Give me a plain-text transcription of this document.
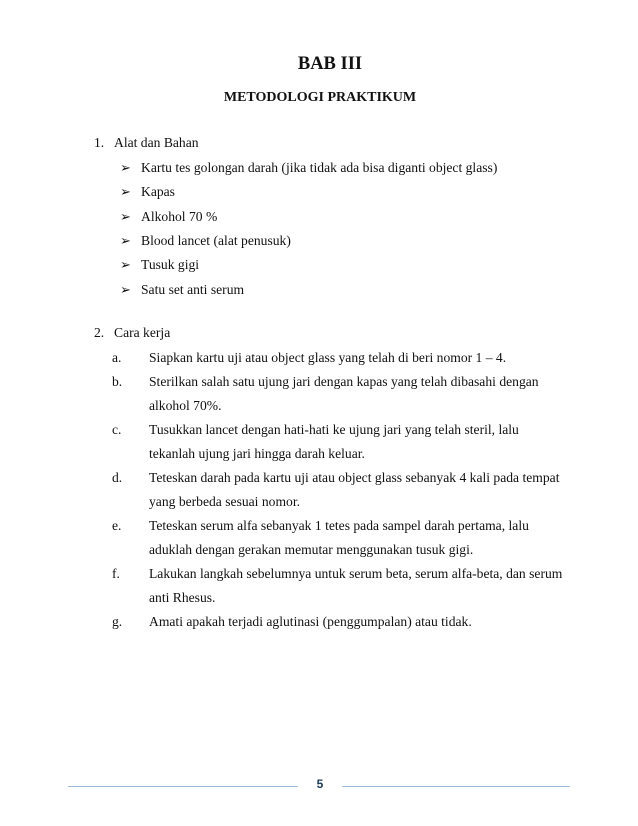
BAB III
METODOLOGI PRAKTIKUM
1. Alat dan Bahan
➢ Kartu tes golongan darah (jika tidak ada bisa diganti object glass)
➢ Kapas
➢ Alkohol 70 %
➢ Blood lancet (alat penusuk)
➢ Tusuk gigi
➢ Satu set anti serum
2. Cara kerja
a. Siapkan kartu uji atau object glass yang telah di beri nomor 1 – 4.
b. Sterilkan salah satu ujung jari dengan kapas yang telah dibasahi dengan
alkohol 70%.
c. Tusukkan lancet dengan hati-hati ke ujung jari yang telah steril, lalu
tekanlah ujung jari hingga darah keluar.
d. Teteskan darah pada kartu uji atau object glass sebanyak 4 kali pada tempat
yang berbeda sesuai nomor.
e. Teteskan serum alfa sebanyak 1 tetes pada sampel darah pertama, lalu
aduklah dengan gerakan memutar menggunakan tusuk gigi.
f. Lakukan langkah sebelumnya untuk serum beta, serum alfa-beta, dan serum
anti Rhesus.
g. Amati apakah terjadi aglutinasi (penggumpalan) atau tidak.
5
